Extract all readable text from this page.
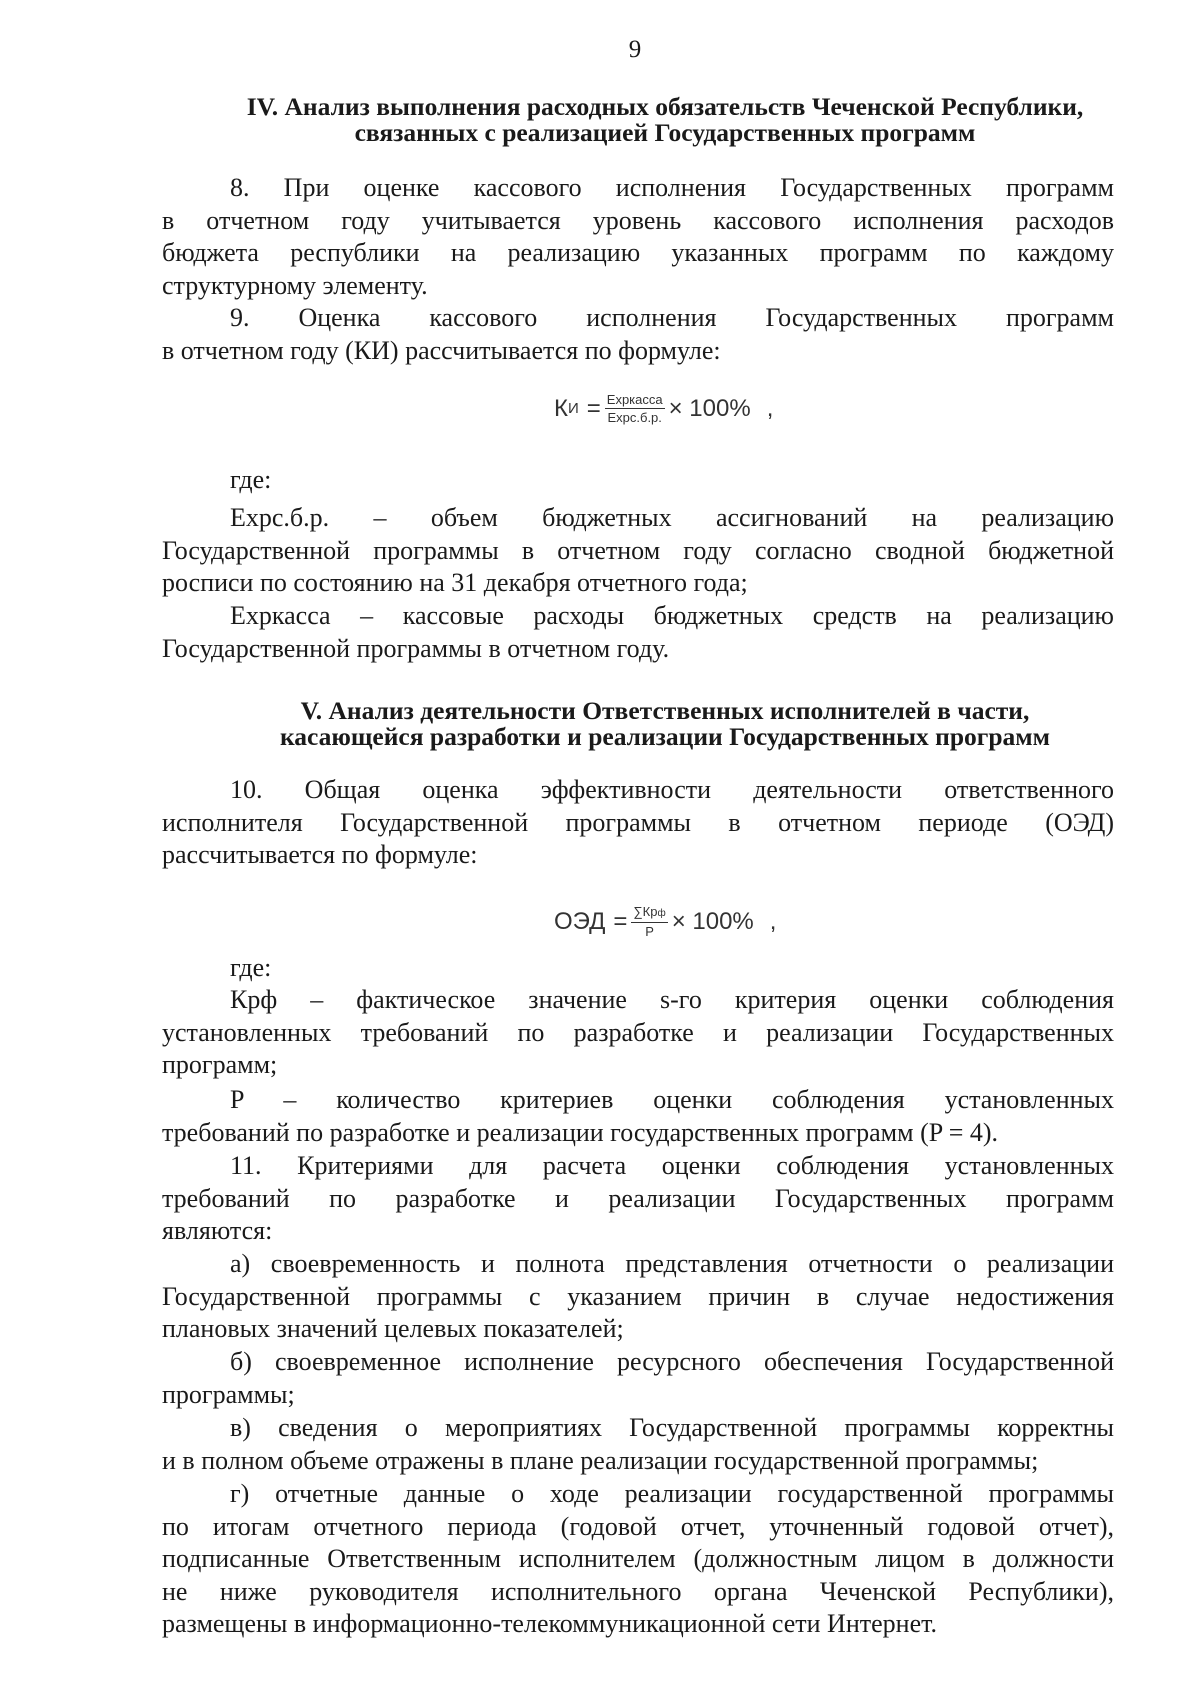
9
IV. Анализ выполнения расходных обязательств Чеченской Республики,
связанных с реализацией Государственных программ
8. При оценке кассового исполнения Государственных программ
в отчетном году учитывается уровень кассового исполнения расходов
бюджета республики на реализацию указанных программ по каждому
структурному элементу.
9. Оценка кассового исполнения Государственных программ
в отчетном году (КИ) рассчитывается по формуле:
К $И = \frac{\text{Expкасса}}{\text{Expc.б.p.}} \times 100\%$ ,
где:
Expc.б.p. – объем бюджетных ассигнований на реализацию
Государственной программы в отчетном году согласно сводной бюджетной
росписи по состоянию на 31 декабря отчетного года;
Expкасса – кассовые расходы бюджетных средств на реализацию
Государственной программы в отчетном году.
V. Анализ деятельности Ответственных исполнителей в части,
касающейся разработки и реализации Государственных программ
10. Общая оценка эффективности деятельности ответственного
исполнителя Государственной программы в отчетном периоде (ОЭД)
рассчитывается по формуле:
ОЭД = $\frac{\text{∑Крф}}{P} \times 100\%$ ,
где:
Крф – фактическое значение s-го критерия оценки соблюдения
установленных требований по разработке и реализации Государственных
программ;
P – количество критериев оценки соблюдения установленных
требований по разработке и реализации государственных программ (P = 4).
11. Критериями для расчета оценки соблюдения установленных
требований по разработке и реализации Государственных программ
являются:
а) своевременность и полнота представления отчетности о реализации
Государственной программы с указанием причин в случае недостижения
плановых значений целевых показателей;
б) своевременное исполнение ресурсного обеспечения Государственной
программы;
в) сведения о мероприятиях Государственной программы корректны
и в полном объеме отражены в плане реализации государственной программы;
г) отчетные данные о ходе реализации государственной программы
по итогам отчетного периода (годовой отчет, уточненный годовой отчет),
подписанные Ответственным исполнителем (должностным лицом в должности
не ниже руководителя исполнительного органа Чеченской Республики),
размещены в информационно-телекоммуникационной сети Интернет.
